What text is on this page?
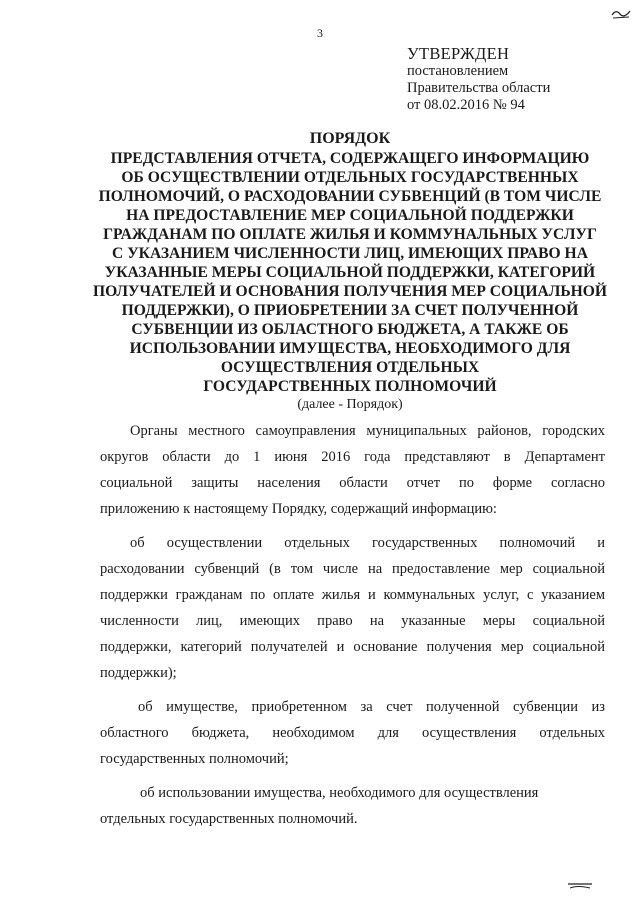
3
УТВЕРЖДЕН
постановлением
Правительства области
от 08.02.2016 № 94
ПОРЯДОК
ПРЕДСТАВЛЕНИЯ ОТЧЕТА, СОДЕРЖАЩЕГО ИНФОРМАЦИЮ
ОБ ОСУЩЕСТВЛЕНИИ ОТДЕЛЬНЫХ ГОСУДАРСТВЕННЫХ
ПОЛНОМОЧИЙ, О РАСХОДОВАНИИ СУБВЕНЦИЙ (В ТОМ ЧИСЛЕ
НА ПРЕДОСТАВЛЕНИЕ МЕР СОЦИАЛЬНОЙ ПОДДЕРЖКИ
ГРАЖДАНАМ ПО ОПЛАТЕ ЖИЛЬЯ И КОММУНАЛЬНЫХ УСЛУГ
С УКАЗАНИЕМ ЧИСЛЕННОСТИ ЛИЦ, ИМЕЮЩИХ ПРАВО НА
УКАЗАННЫЕ МЕРЫ СОЦИАЛЬНОЙ ПОДДЕРЖКИ, КАТЕГОРИЙ
ПОЛУЧАТЕЛЕЙ И ОСНОВАНИЯ ПОЛУЧЕНИЯ МЕР СОЦИАЛЬНОЙ
ПОДДЕРЖКИ), О ПРИОБРЕТЕНИИ ЗА СЧЕТ ПОЛУЧЕННОЙ
СУБВЕНЦИИ ИЗ ОБЛАСТНОГО БЮДЖЕТА, А ТАКЖЕ ОБ
ИСПОЛЬЗОВАНИИ ИМУЩЕСТВА, НЕОБХОДИМОГО ДЛЯ
ОСУЩЕСТВЛЕНИЯ ОТДЕЛЬНЫХ
ГОСУДАРСТВЕННЫХ ПОЛНОМОЧИЙ
(далее - Порядок)
Органы местного самоуправления муниципальных районов, городских
округов области до 1 июня 2016 года представляют в Департамент
социальной защиты населения области отчет по форме согласно
приложению к настоящему Порядку, содержащий информацию:
об осуществлении отдельных государственных полномочий и
расходовании субвенций (в том числе на предоставление мер социальной
поддержки гражданам по оплате жилья и коммунальных услуг, с указанием
численности лиц, имеющих право на указанные меры социальной
поддержки, категорий получателей и основание получения мер социальной
поддержки);
об имуществе, приобретенном за счет полученной субвенции из
областного бюджета, необходимом для осуществления отдельных
государственных полномочий;
об использовании имущества, необходимого для осуществления
отдельных государственных полномочий.
